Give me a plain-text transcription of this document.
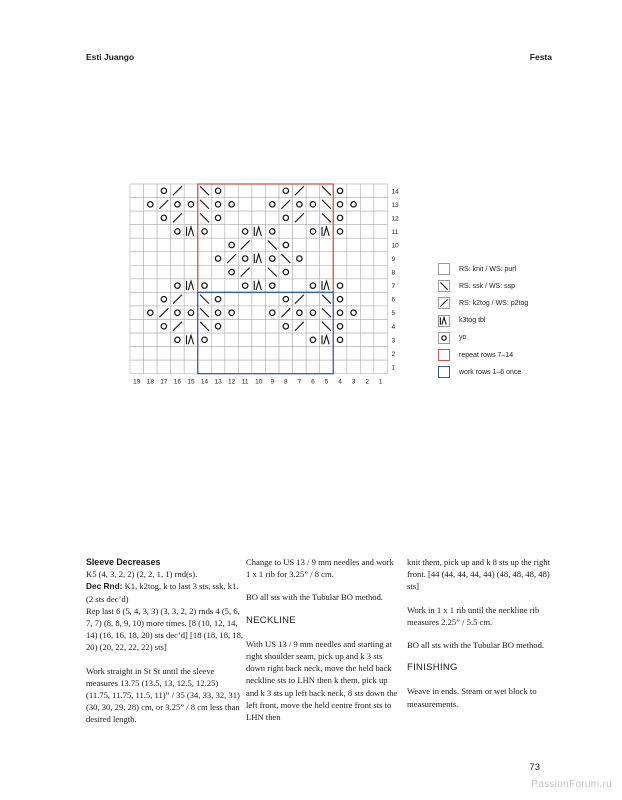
Esti Juango	Festa
14
13
12
11
10
9
8
7
6
5
4
3
2
1
19 18 17 16 15 14 13 12 11 10 9 8 7 6 5 4 3 2 1
RS: knit / WS: purl
RS: ssk / WS: ssp
RS: k2tog / WS: p2tog
k3tog tbl
yo
repeat rows 7–14
work rows 1–6 once

Sleeve Decreases

K5 (4, 3, 2, 2) (2, 2, 1, 1) rnd(s).

Dec Rnd: K1, k2tog, k to last 3 sts, ssk, k1. (2 sts dec’d)

Rep last 6 (5, 4, 3, 3) (3, 3, 2, 2) rnds 4 (5, 6, 7, 7) (8, 8, 9, 10) more times. [8 (10, 12, 14, 14) (16, 16, 18, 20) sts dec’d] [18 (18, 18, 18, 20) (20, 22, 22, 22) sts]

Work straight in St St until the sleeve measures 13.75 (13.5, 13, 12.5, 12.25) (11.75, 11.75, 11.5, 11)” / 35 (34, 33, 32, 31) (30, 30, 29, 28) cm, or 3.25” / 8 cm less than desired length.

Change to US 13 / 9 mm needles and work 1 x 1 rib for 3.25” / 8 cm.

BO all sts with the Tubular BO method.

NECKLINE

With US 13 / 9 mm needles and starting at right shoulder seam, pick up and k 3 sts down right back neck, move the held back neckline sts to LHN then k them, pick up and k 3 sts up left back neck, 8 sts down the left front, move the held centre front sts to LHN then

knit them, pick up and k 8 sts up the right front. [44 (44, 44, 44, 44) (48, 48, 48, 48) sts]

Work in 1 x 1 rib until the neckline rib measures 2.25” / 5.5 cm.

BO all sts with the Tubular BO method.

FINISHING

Weave in ends. Steam or wet block to measurements.

73
PassionForum.ru
